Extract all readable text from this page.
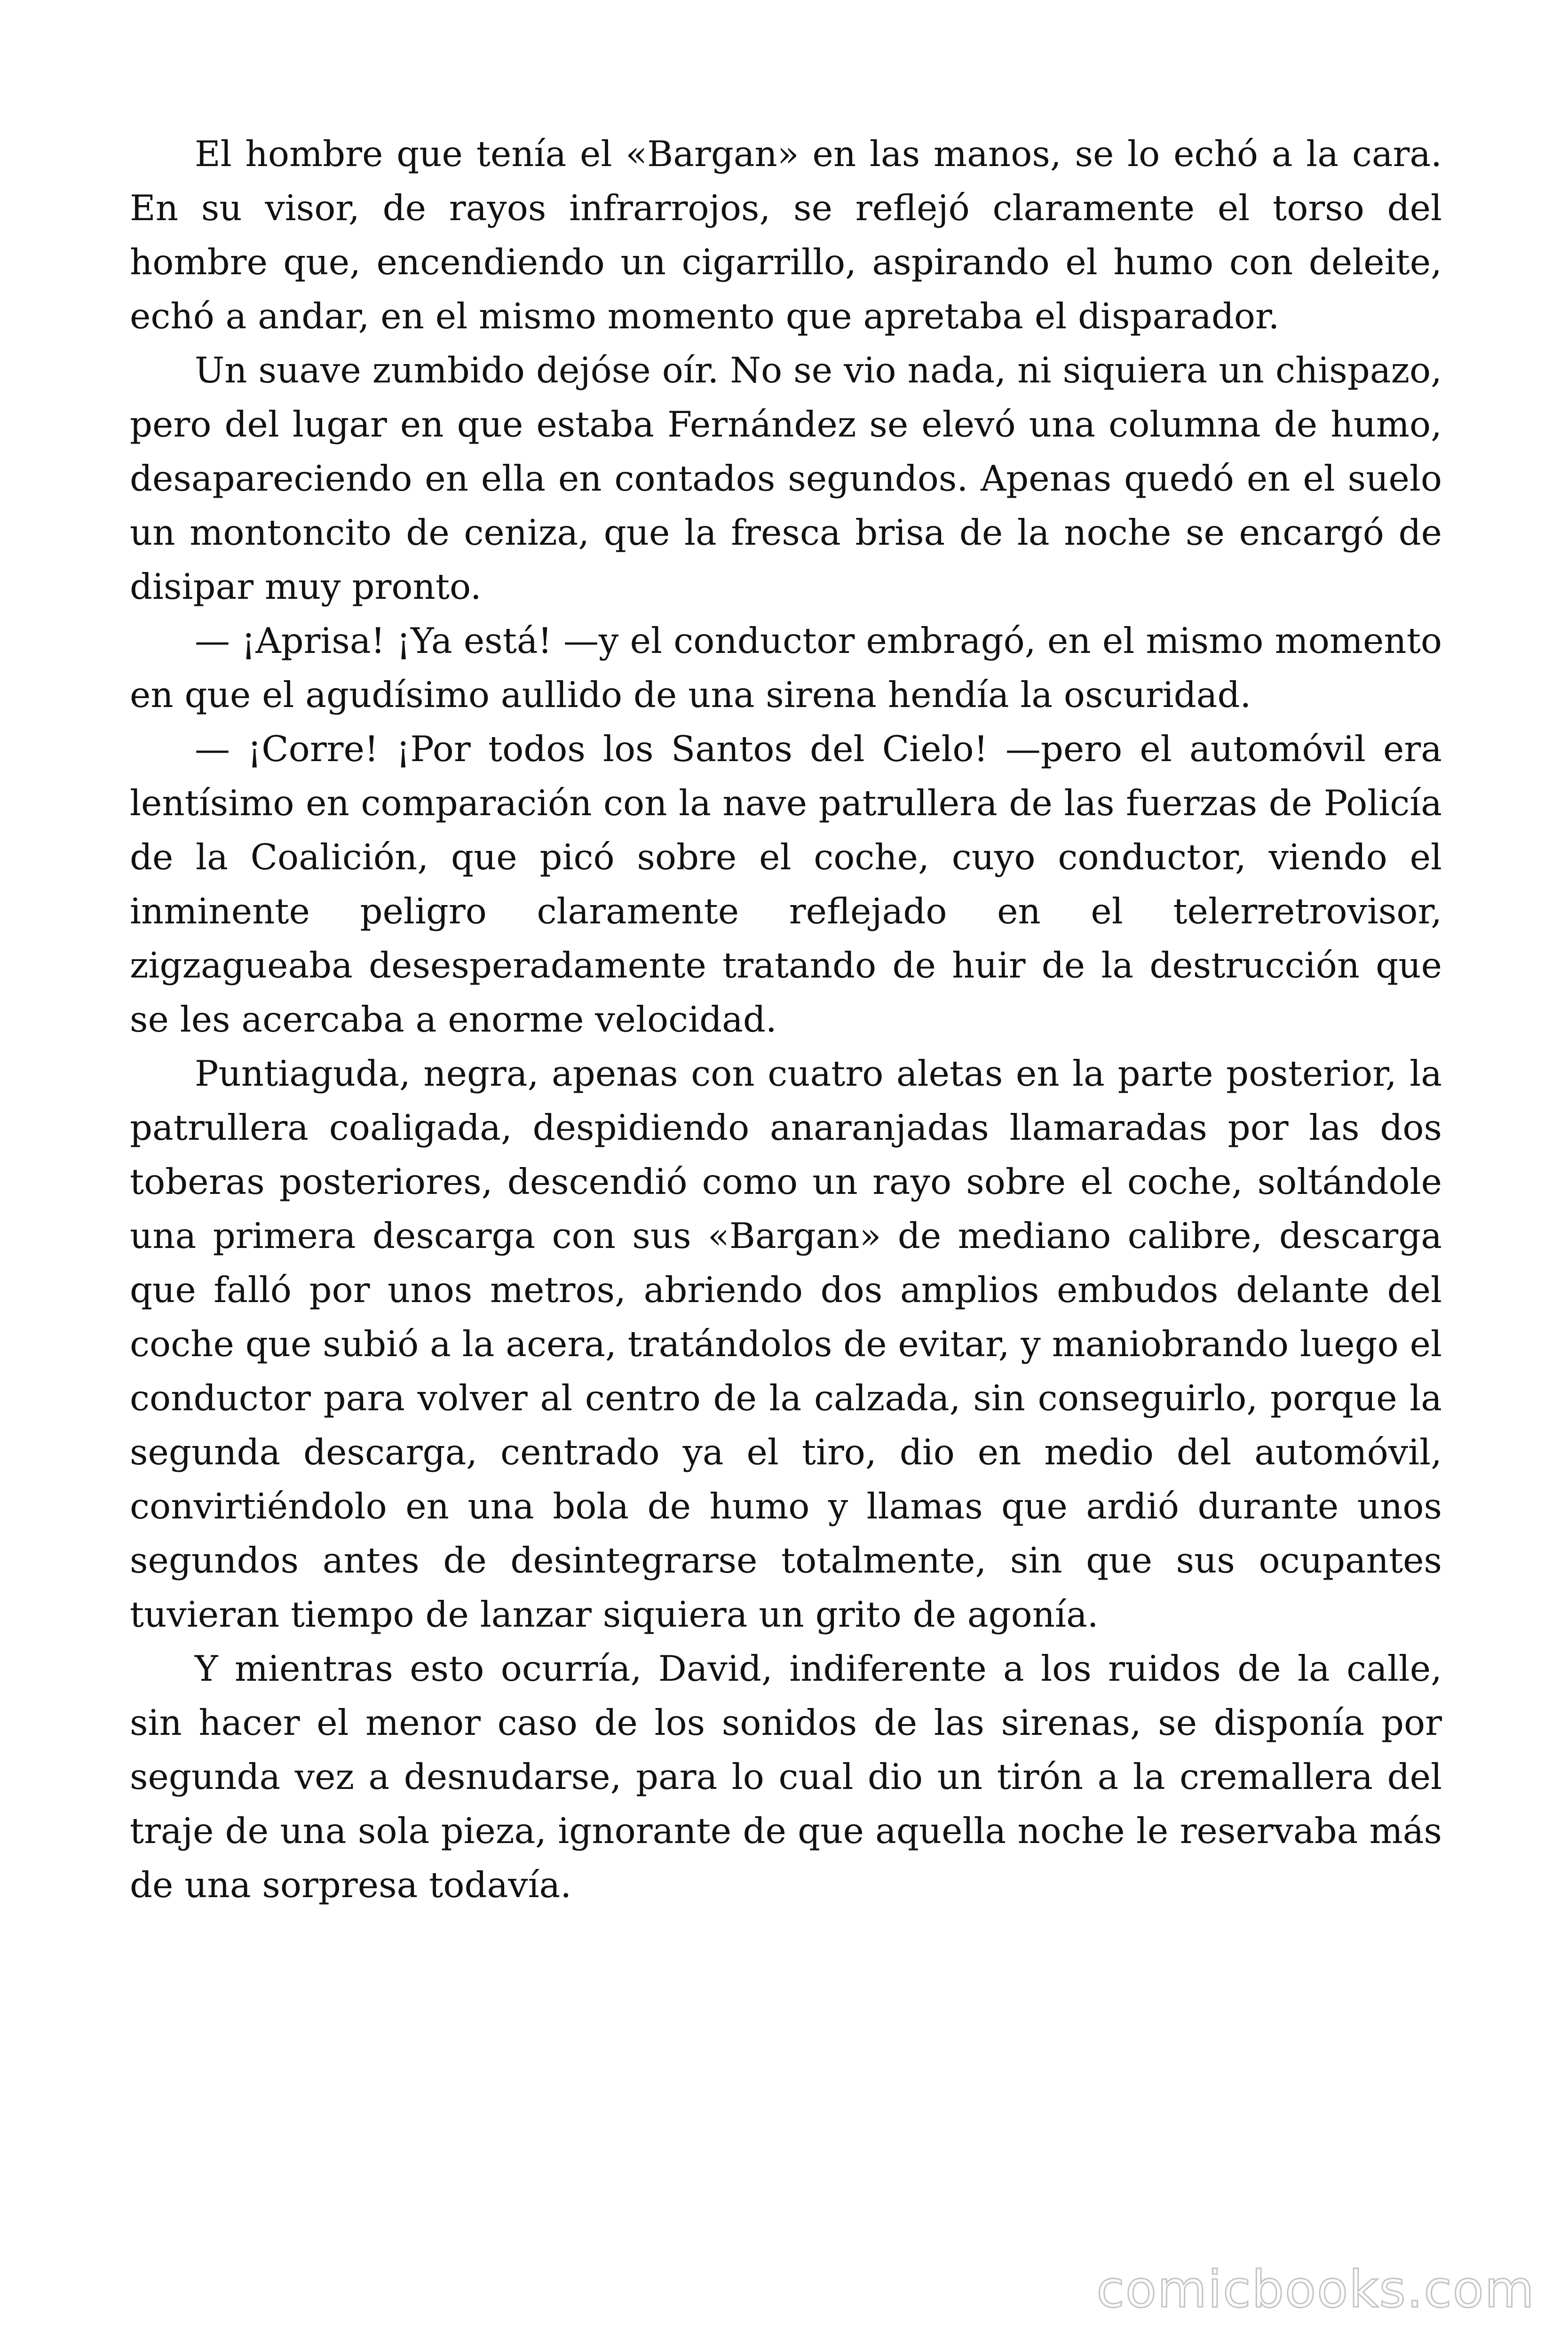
El hombre que tenía el «Bargan» en las manos, se lo echó a la cara. En su visor, de rayos infrarrojos, se reflejó claramente el torso del hombre que, encendiendo un cigarrillo, aspirando el humo con deleite, echó a andar, en el mismo momento que apretaba el disparador.

Un suave zumbido dejóse oír. No se vio nada, ni siquiera un chispazo, pero del lugar en que estaba Fernández se elevó una columna de humo, desapareciendo en ella en contados segundos. Apenas quedó en el suelo un montoncito de ceniza, que la fresca brisa de la noche se encargó de disipar muy pronto.

— ¡Aprisa! ¡Ya está! —y el conductor embragó, en el mismo momento en que el agudísimo aullido de una sirena hendía la oscuridad.

— ¡Corre! ¡Por todos los Santos del Cielo! —pero el automóvil era lentísimo en comparación con la nave patrullera de las fuerzas de Policía de la Coalición, que picó sobre el coche, cuyo conductor, viendo el inminente peligro claramente reflejado en el telerretrovisor, zigzagueaba desesperadamente tratando de huir de la destrucción que se les acercaba a enorme velocidad.

Puntiaguda, negra, apenas con cuatro aletas en la parte posterior, la patrullera coaligada, despidiendo anaranjadas llamaradas por las dos toberas posteriores, descendió como un rayo sobre el coche, soltándole una primera descarga con sus «Bargan» de mediano calibre, descarga que falló por unos metros, abriendo dos amplios embudos delante del coche que subió a la acera, tratándolos de evitar, y maniobrando luego el conductor para volver al centro de la calzada, sin conseguirlo, porque la segunda descarga, centrado ya el tiro, dio en medio del automóvil, convirtiéndolo en una bola de humo y llamas que ardió durante unos segundos antes de desintegrarse totalmente, sin que sus ocupantes tuvieran tiempo de lanzar siquiera un grito de agonía.

Y mientras esto ocurría, David, indiferente a los ruidos de la calle, sin hacer el menor caso de los sonidos de las sirenas, se disponía por segunda vez a desnudarse, para lo cual dio un tirón a la cremallera del traje de una sola pieza, ignorante de que aquella noche le reservaba más de una sorpresa todavía.

comicbooks.com
